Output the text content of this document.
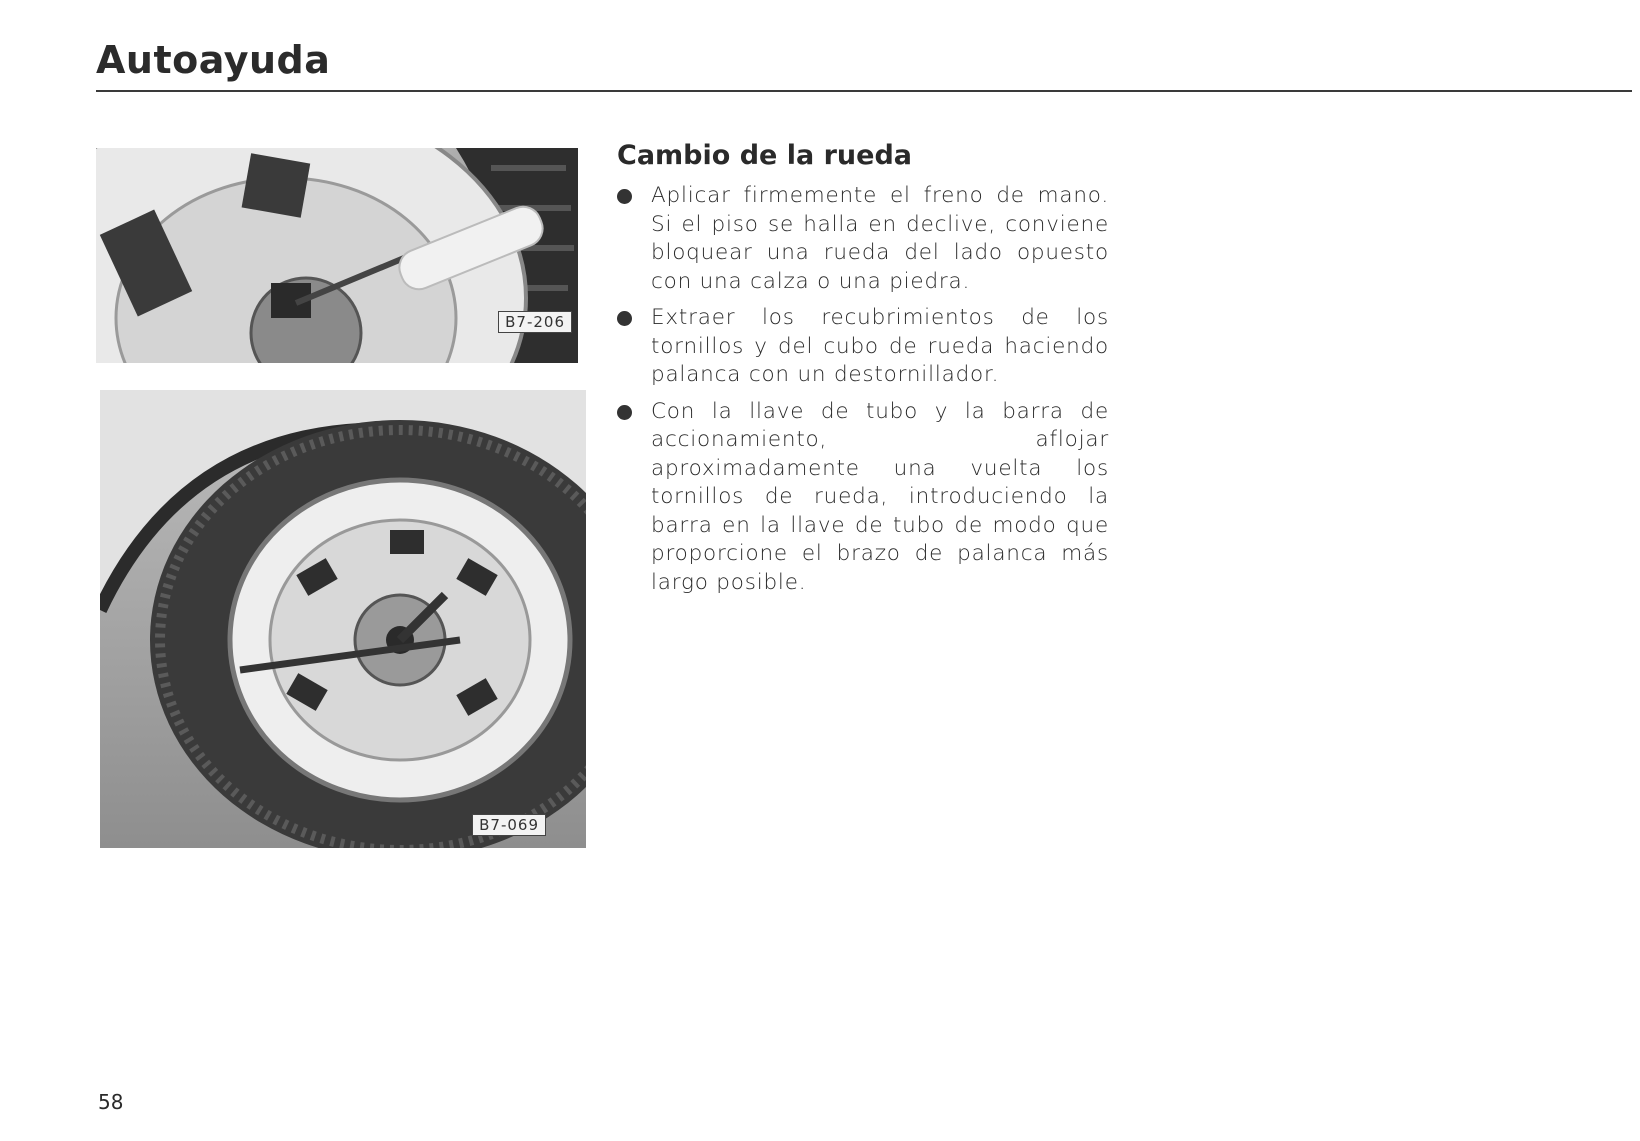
Autoayuda
B7-206
B7-069
Cambio de la rueda
Aplicar firmemente el freno de mano. Si el piso se halla en declive, conviene bloquear una rueda del lado opuesto con una calza o una piedra.
Extraer los recubrimientos de los tornillos y del cubo de rueda haciendo palanca con un destornillador.
Con la llave de tubo y la barra de accionamiento, aflojar aproximadamente una vuelta los tornillos de rueda, introduciendo la barra en la llave de tubo de modo que proporcione el brazo de palanca más largo posible.
58
